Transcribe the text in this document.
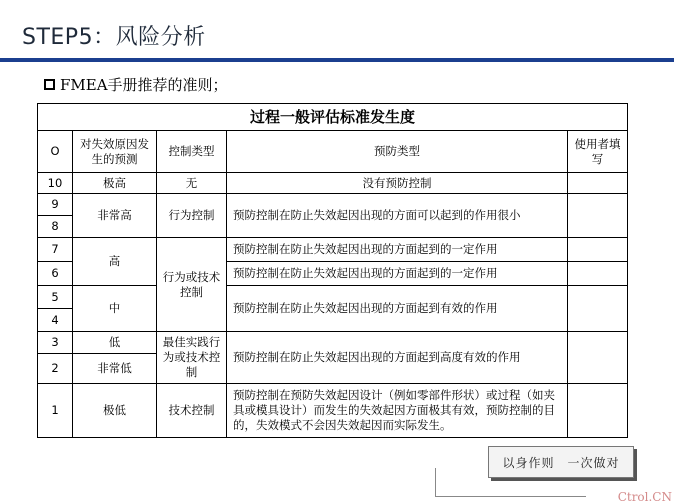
STEP5：风险分析
FMEA手册推荐的准则；
过程一般评估标准发生度				
O	对失效原因发生的预测	控制类型	预防类型	使用者填写
10	极高	无	没有预防控制	
9	非常高	行为控制	预防控制在防止失效起因出现的方面可以起到的作用很小	
8				
7	高	行为或技术控制	预防控制在防止失效起因出现的方面起到的一定作用	
6			预防控制在防止失效起因出现的方面起到的一定作用	
5	中		预防控制在防止失效起因出现的方面起到有效的作用	
4				
3	低	最佳实践行为或技术控制	预防控制在防止失效起因出现的方面起到高度有效的作用	
2	非常低			
1	极低	技术控制	预防控制在预防失效起因设计（例如零部件形状）或过程（如夹具或模具设计）而发生的失效起因方面极其有效，预防控制的目的，失效模式不会因失效起因而实际发生。	
以身作则　一次做对
Ctrol.CN
